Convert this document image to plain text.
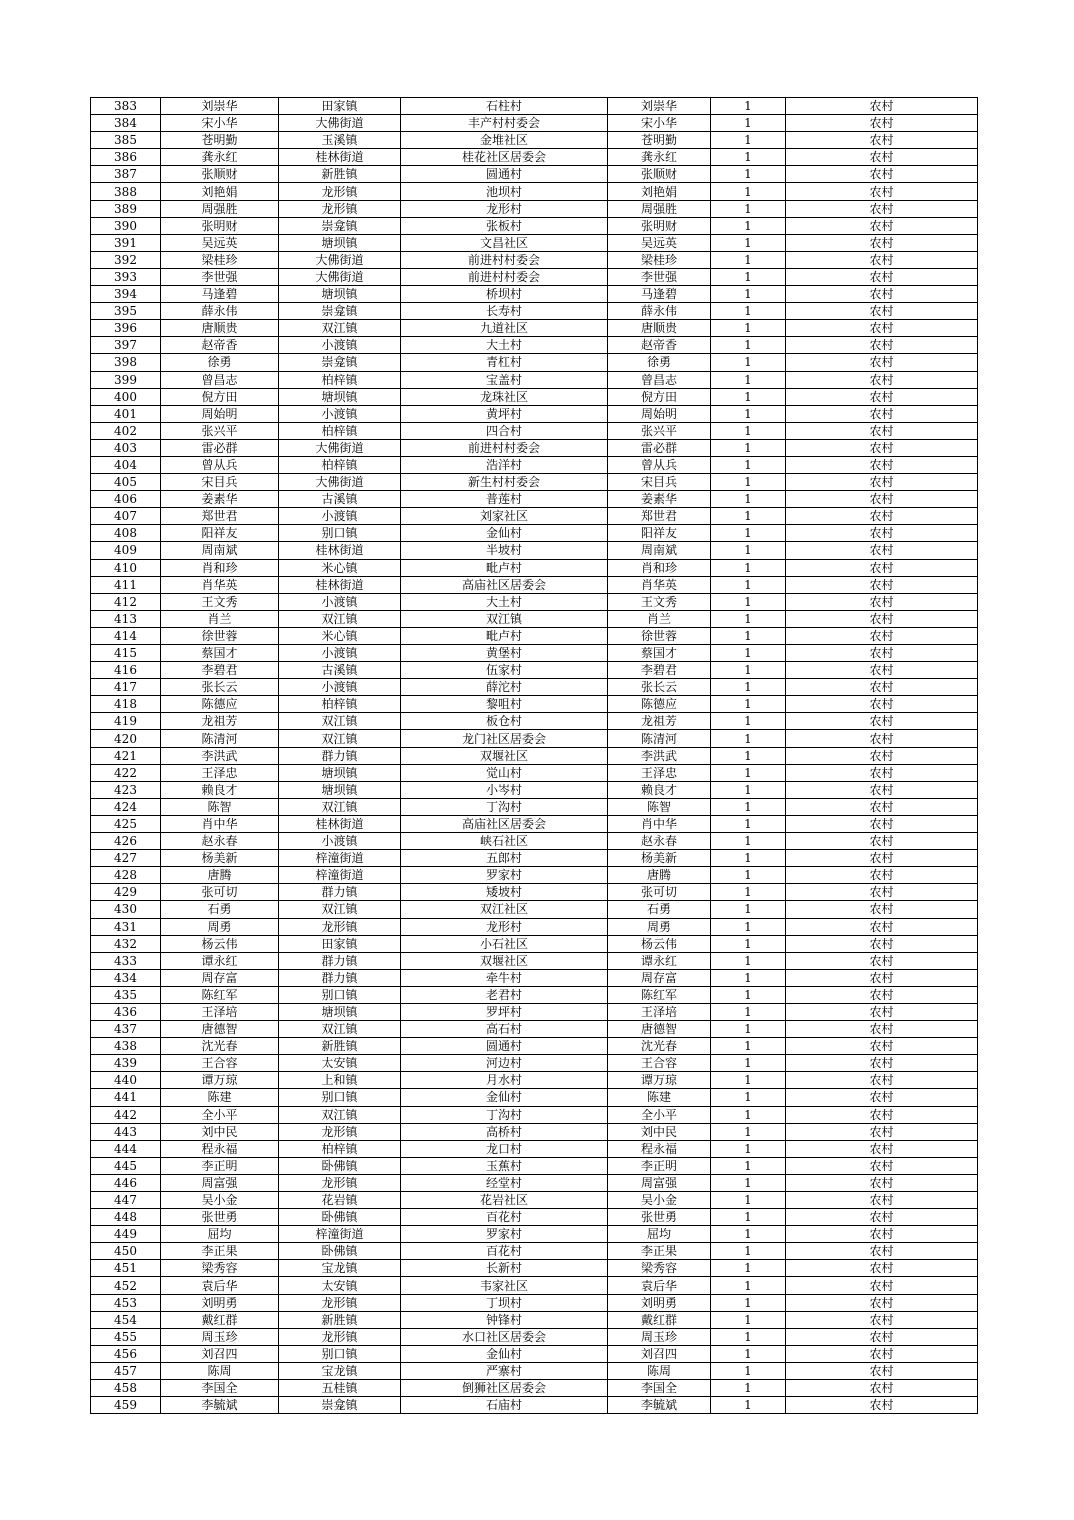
383	刘崇华	田家镇	石柱村	刘崇华	1	农村
384	宋小华	大佛街道	丰产村村委会	宋小华	1	农村
385	苍明勤	玉溪镇	金堆社区	苍明勤	1	农村
386	龚永红	桂林街道	桂花社区居委会	龚永红	1	农村
387	张顺财	新胜镇	圆通村	张顺财	1	农村
388	刘艳娟	龙形镇	池坝村	刘艳娟	1	农村
389	周强胜	龙形镇	龙形村	周强胜	1	农村
390	张明财	崇龛镇	张板村	张明财	1	农村
391	吴远英	塘坝镇	文昌社区	吴远英	1	农村
392	梁桂珍	大佛街道	前进村村委会	梁桂珍	1	农村
393	李世强	大佛街道	前进村村委会	李世强	1	农村
394	马逢碧	塘坝镇	桥坝村	马逢碧	1	农村
395	薛永伟	崇龛镇	长寿村	薛永伟	1	农村
396	唐顺贵	双江镇	九道社区	唐顺贵	1	农村
397	赵帝香	小渡镇	大土村	赵帝香	1	农村
398	徐勇	崇龛镇	青杠村	徐勇	1	农村
399	曾昌志	柏梓镇	宝盖村	曾昌志	1	农村
400	倪方田	塘坝镇	龙珠社区	倪方田	1	农村
401	周始明	小渡镇	黄坪村	周始明	1	农村
402	张兴平	柏梓镇	四合村	张兴平	1	农村
403	雷必群	大佛街道	前进村村委会	雷必群	1	农村
404	曾从兵	柏梓镇	浩洋村	曾从兵	1	农村
405	宋目兵	大佛街道	新生村村委会	宋目兵	1	农村
406	姜素华	古溪镇	普莲村	姜素华	1	农村
407	郑世君	小渡镇	刘家社区	郑世君	1	农村
408	阳祥友	别口镇	金仙村	阳祥友	1	农村
409	周南斌	桂林街道	半坡村	周南斌	1	农村
410	肖和珍	米心镇	毗卢村	肖和珍	1	农村
411	肖华英	桂林街道	高庙社区居委会	肖华英	1	农村
412	王文秀	小渡镇	大土村	王文秀	1	农村
413	肖兰	双江镇	双江镇	肖兰	1	农村
414	徐世蓉	米心镇	毗卢村	徐世蓉	1	农村
415	蔡国才	小渡镇	黄堡村	蔡国才	1	农村
416	李碧君	古溪镇	伍家村	李碧君	1	农村
417	张长云	小渡镇	薛沱村	张长云	1	农村
418	陈德应	柏梓镇	黎咀村	陈德应	1	农村
419	龙祖芳	双江镇	板仓村	龙祖芳	1	农村
420	陈清河	双江镇	龙门社区居委会	陈清河	1	农村
421	李洪武	群力镇	双堰社区	李洪武	1	农村
422	王泽忠	塘坝镇	觉山村	王泽忠	1	农村
423	赖良才	塘坝镇	小岑村	赖良才	1	农村
424	陈智	双江镇	丁沟村	陈智	1	农村
425	肖中华	桂林街道	高庙社区居委会	肖中华	1	农村
426	赵永春	小渡镇	峡石社区	赵永春	1	农村
427	杨美新	梓潼街道	五郎村	杨美新	1	农村
428	唐腾	梓潼街道	罗家村	唐腾	1	农村
429	张可切	群力镇	矮坡村	张可切	1	农村
430	石勇	双江镇	双江社区	石勇	1	农村
431	周勇	龙形镇	龙形村	周勇	1	农村
432	杨云伟	田家镇	小石社区	杨云伟	1	农村
433	谭永红	群力镇	双堰社区	谭永红	1	农村
434	周存富	群力镇	牵牛村	周存富	1	农村
435	陈红军	别口镇	老君村	陈红军	1	农村
436	王泽培	塘坝镇	罗坪村	王泽培	1	农村
437	唐德智	双江镇	高石村	唐德智	1	农村
438	沈光春	新胜镇	圆通村	沈光春	1	农村
439	王合容	太安镇	河边村	王合容	1	农村
440	谭万琼	上和镇	月水村	谭万琼	1	农村
441	陈建	别口镇	金仙村	陈建	1	农村
442	全小平	双江镇	丁沟村	全小平	1	农村
443	刘中民	龙形镇	高桥村	刘中民	1	农村
444	程永福	柏梓镇	龙口村	程永福	1	农村
445	李正明	卧佛镇	玉蕉村	李正明	1	农村
446	周富强	龙形镇	经堂村	周富强	1	农村
447	吴小金	花岩镇	花岩社区	吴小金	1	农村
448	张世勇	卧佛镇	百花村	张世勇	1	农村
449	屈均	梓潼街道	罗家村	屈均	1	农村
450	李正果	卧佛镇	百花村	李正果	1	农村
451	梁秀容	宝龙镇	长新村	梁秀容	1	农村
452	袁后华	太安镇	韦家社区	袁后华	1	农村
453	刘明勇	龙形镇	丁坝村	刘明勇	1	农村
454	戴红群	新胜镇	钟锋村	戴红群	1	农村
455	周玉珍	龙形镇	水口社区居委会	周玉珍	1	农村
456	刘召四	别口镇	金仙村	刘召四	1	农村
457	陈周	宝龙镇	严寨村	陈周	1	农村
458	李国全	五桂镇	倒狮社区居委会	李国全	1	农村
459	李毓斌	崇龛镇	石庙村	李毓斌	1	农村
